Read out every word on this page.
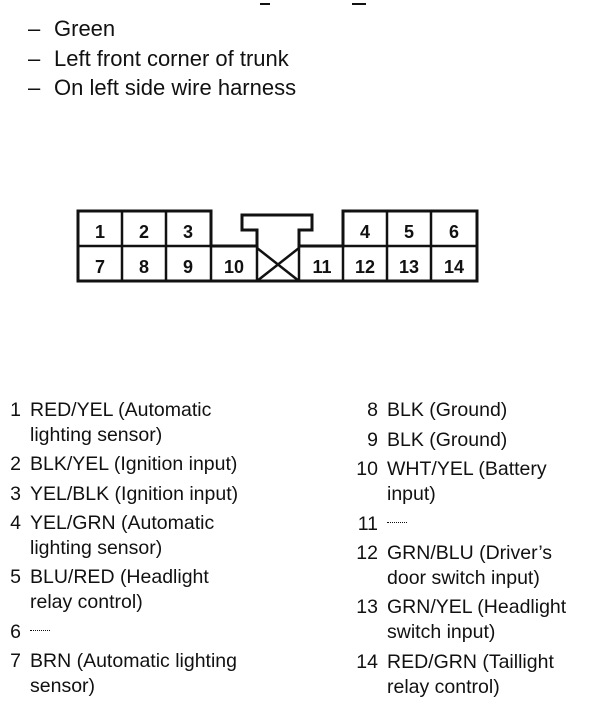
– Green
– Left front corner of trunk
– On left side wire harness
1 2 3	4 5 6
7 8 9 10	11 12 13 14
1 RED/YEL (Automatic
lighting sensor)
2 BLK/YEL (Ignition input)
3 YEL/BLK (Ignition input)
4 YEL/GRN (Automatic
lighting sensor)
5 BLU/RED (Headlight
relay control)
6
7 BRN (Automatic lighting
sensor)
8 BLK (Ground)
9 BLK (Ground)
10 WHT/YEL (Battery
input)
11
12 GRN/BLU (Driver’s
door switch input)
13 GRN/YEL (Headlight
switch input)
14 RED/GRN (Taillight
relay control)
